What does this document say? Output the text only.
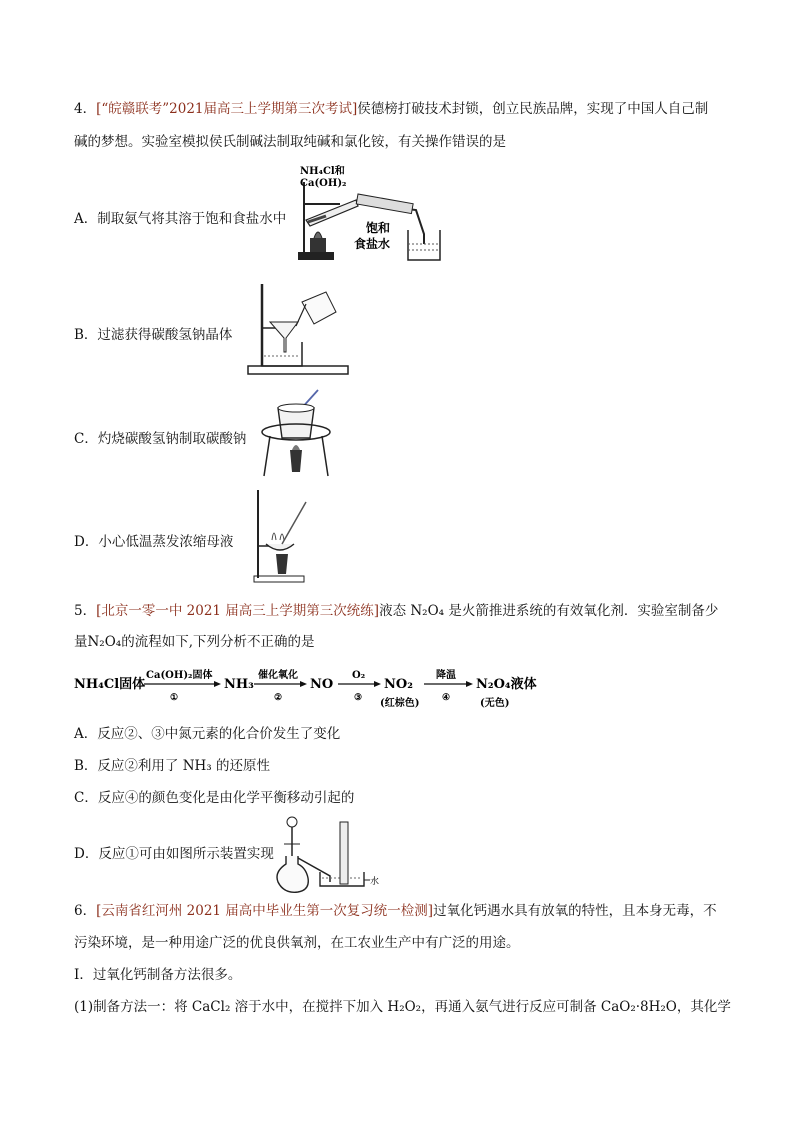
4．[“皖赣联考”2021届高三上学期第三次考试]侯德榜打破技术封锁，创立民族品牌，实现了中国人自己制
碱的梦想。实验室模拟侯氏制碱法制取纯碱和氯化铵，有关操作错误的是
NH₄Cl和
Ca(OH)₂
饱和
食盐水
A．制取氨气将其溶于饱和食盐水中
B．过滤获得碳酸氢钠晶体
C．灼烧碳酸氢钠制取碳酸钠
D．小心低温蒸发浓缩母液
5．[北京一零一中 2021 届高三上学期第三次统练]液态 N₂O₄ 是火箭推进系统的有效氧化剂．实验室制备少
量N₂O₄的流程如下,下列分析不正确的是
NH₄Cl固体
Ca(OH)₂固体
①
NH₃
催化氧化
②
NO
O₂
③
NO₂
(红棕色)
降温
④
N₂O₄液体
(无色)
A．反应②、③中氮元素的化合价发生了变化
B．反应②利用了 NH₃ 的还原性
C．反应④的颜色变化是由化学平衡移动引起的
水
D．反应①可由如图所示装置实现
6．[云南省红河州 2021 届高中毕业生第一次复习统一检测]过氧化钙遇水具有放氧的特性，且本身无毒，不
污染环境，是一种用途广泛的优良供氧剂，在工农业生产中有广泛的用途。
Ⅰ．过氧化钙制备方法很多。
(1)制备方法一：将 CaCl₂ 溶于水中，在搅拌下加入 H₂O₂，再通入氨气进行反应可制备 CaO₂·8H₂O，其化学
